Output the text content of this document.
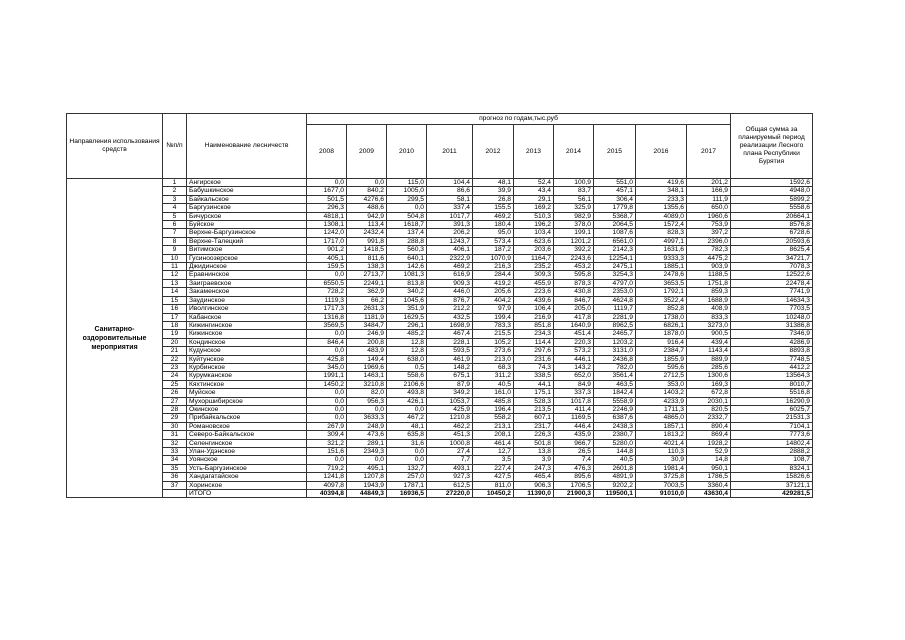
Направления использования средств	№п/п	Наименование лесничеств	прогноз по годам,тыс.руб										Общая сумма за планируемый период реализации Лесного плана Республики Бурятия
			2008	2009	2010	2011	2012	2013	2014	2015	2016	2017	
Санитарно-оздоровительные мероприятия	1	Ангирское	0,0	0,0	115,0	104,4	48,1	52,4	100,9	551,0	419,6	201,2	1592,6
	2	Бабушкинское	1677,0	840,2	1005,0	86,6	39,9	43,4	83,7	457,1	348,1	166,9	4948,0
	3	Байкальское	501,5	4276,6	299,5	58,1	26,8	29,1	56,1	306,4	233,3	111,9	5899,2
	4	Баргузинское	296,3	488,6	0,0	337,4	155,5	169,2	325,9	1779,8	1355,6	650,0	5558,6
	5	Бичурское	4818,1	942,9	504,8	1017,7	469,2	510,3	982,9	5368,7	4089,0	1960,6	20664,1
	6	Буйское	1308,1	113,4	1618,7	391,3	180,4	196,2	378,0	2064,5	1572,4	753,9	8576,8
	7	Верхне-Баргузинское	1242,0	2432,4	137,4	206,2	95,0	103,4	199,1	1087,6	828,3	397,2	6728,6
	8	Верхне-Талецкий	1717,0	991,8	288,8	1243,7	573,4	623,6	1201,2	6561,0	4997,1	2396,0	20593,6
	9	Витимское	901,2	1418,5	560,3	406,1	187,2	203,6	392,2	2142,3	1631,6	782,3	8625,4
	10	Гусиноозерское	405,1	811,6	640,1	2322,9	1070,9	1164,7	2243,6	12254,1	9333,3	4475,2	34721,7
	11	Джидинское	159,5	138,3	142,6	469,2	216,3	235,2	453,2	2475,1	1885,1	903,9	7078,3
	12	Еравнинское	0,0	2713,7	1081,3	616,9	284,4	309,3	595,8	3254,3	2478,6	1188,5	12522,6
	13	Заиграевское	6550,5	2249,1	813,8	909,3	419,2	455,9	878,3	4797,0	3653,5	1751,8	22478,4
	14	Закаменское	728,2	362,9	340,2	446,0	205,6	223,6	430,8	2353,0	1792,1	859,3	7741,9
	15	Заудинское	1119,3	66,2	1045,6	876,7	404,2	439,6	846,7	4624,8	3522,4	1688,9	14634,3
	16	Иволгинское	1717,3	2631,3	351,9	212,2	97,9	106,4	205,0	1119,7	852,8	408,9	7703,5
	17	Кабанское	1316,8	1181,9	1629,5	432,5	199,4	216,9	417,8	2281,9	1738,0	833,3	10248,0
	18	Кижингинское	3569,5	3484,7	296,1	1698,9	783,3	851,8	1640,9	8962,5	6826,1	3273,0	31386,8
	19	Кижинское	0,0	246,9	485,2	467,4	215,5	234,3	451,4	2465,7	1878,0	900,5	7346,9
	20	Кондинское	846,4	200,8	12,8	228,1	105,2	114,4	220,3	1203,2	916,4	439,4	4286,9
	21	Кудунское	0,0	483,9	12,8	593,5	273,6	297,6	573,2	3131,0	2384,7	1143,4	8893,8
	22	Куйтунское	425,8	149,4	638,0	461,9	213,0	231,6	446,1	2436,8	1855,9	889,9	7748,5
	23	Курбинское	345,0	1969,6	0,5	148,2	68,3	74,3	143,2	782,0	595,6	285,6	4412,2
	24	Курумканское	1991,1	1463,1	558,6	675,1	311,2	338,5	652,0	3561,4	2712,5	1300,6	13564,3
	25	Кяхтинское	1450,2	3210,8	2106,6	87,9	40,5	44,1	84,9	463,5	353,0	169,3	8010,7
	26	Муйское	0,0	82,0	493,8	349,2	161,0	175,1	337,3	1842,4	1403,2	672,8	5516,8
	27	Мухоршибирское	0,0	956,3	426,1	1053,7	485,8	528,3	1017,8	5558,9	4233,9	2030,1	16290,9
	28	Окинское	0,0	0,0	0,0	425,9	196,4	213,5	411,4	2246,9	1711,3	820,5	6025,7
	29	Прибайкальское	0,0	3633,3	467,2	1210,8	558,2	607,1	1169,5	6387,6	4865,0	2332,7	21531,3
	30	Романовское	267,9	248,9	48,1	462,2	213,1	231,7	446,4	2438,3	1857,1	890,4	7104,1
	31	Северо-Байкальское	309,4	473,6	635,8	451,3	208,1	226,3	435,9	2380,7	1813,2	869,4	7773,6
	32	Селенгинское	321,2	289,1	31,6	1000,8	461,4	501,8	966,7	5280,0	4021,4	1928,2	14802,4
	33	Улан-Удэнское	151,6	2349,3	0,0	27,4	12,7	13,8	26,5	144,8	110,3	52,9	2888,2
	34	Уоянское	0,0	0,0	0,0	7,7	3,5	3,9	7,4	40,5	30,9	14,8	108,7
	35	Усть-Баргузинское	719,2	495,1	132,7	493,1	227,4	247,3	476,3	2601,8	1981,4	950,1	8324,1
	36	Хандагатайское	1241,8	1207,8	257,0	927,3	427,5	465,4	895,6	4891,9	3725,8	1786,5	15826,6
	37	Хоринское	4097,8	1943,9	1787,1	612,5	811,0	906,3	1706,5	9202,2	7003,5	3360,4	37121,1
		ИТОГО	40394,8	44849,3	16936,5	27220,0	10450,2	11390,0	21900,3	119500,1	91010,0	43630,4	429281,5
